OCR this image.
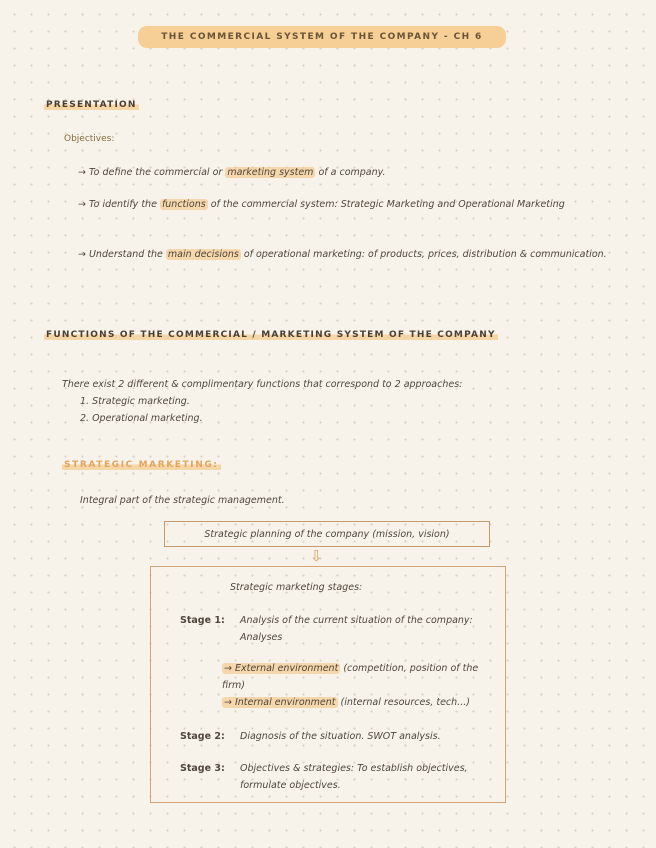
THE COMMERCIAL SYSTEM OF THE COMPANY - CH 6
PRESENTATION
Objectives:
→ To define the commercial or marketing system of a company.
→ To identify the functions of the commercial system: Strategic Marketing and Operational Marketing
→ Understand the main decisions of operational marketing: of products, prices, distribution & communication.
FUNCTIONS OF THE COMMERCIAL / MARKETING SYSTEM OF THE COMPANY
There exist 2 different & complimentary functions that correspond to 2 approaches:
1. Strategic marketing.
2. Operational marketing.
STRATEGIC MARKETING:
Integral part of the strategic management.
Strategic planning of the company (mission, vision)
⇩
Strategic marketing stages:
Stage 1:	Analysis of the current situation of the company: Analyses
→ External environment (competition, position of the firm)
→ Internal environment (internal resources, tech...)
Stage 2:	Diagnosis of the situation. SWOT analysis.
Stage 3:	Objectives & strategies: To establish objectives, formulate objectives.
